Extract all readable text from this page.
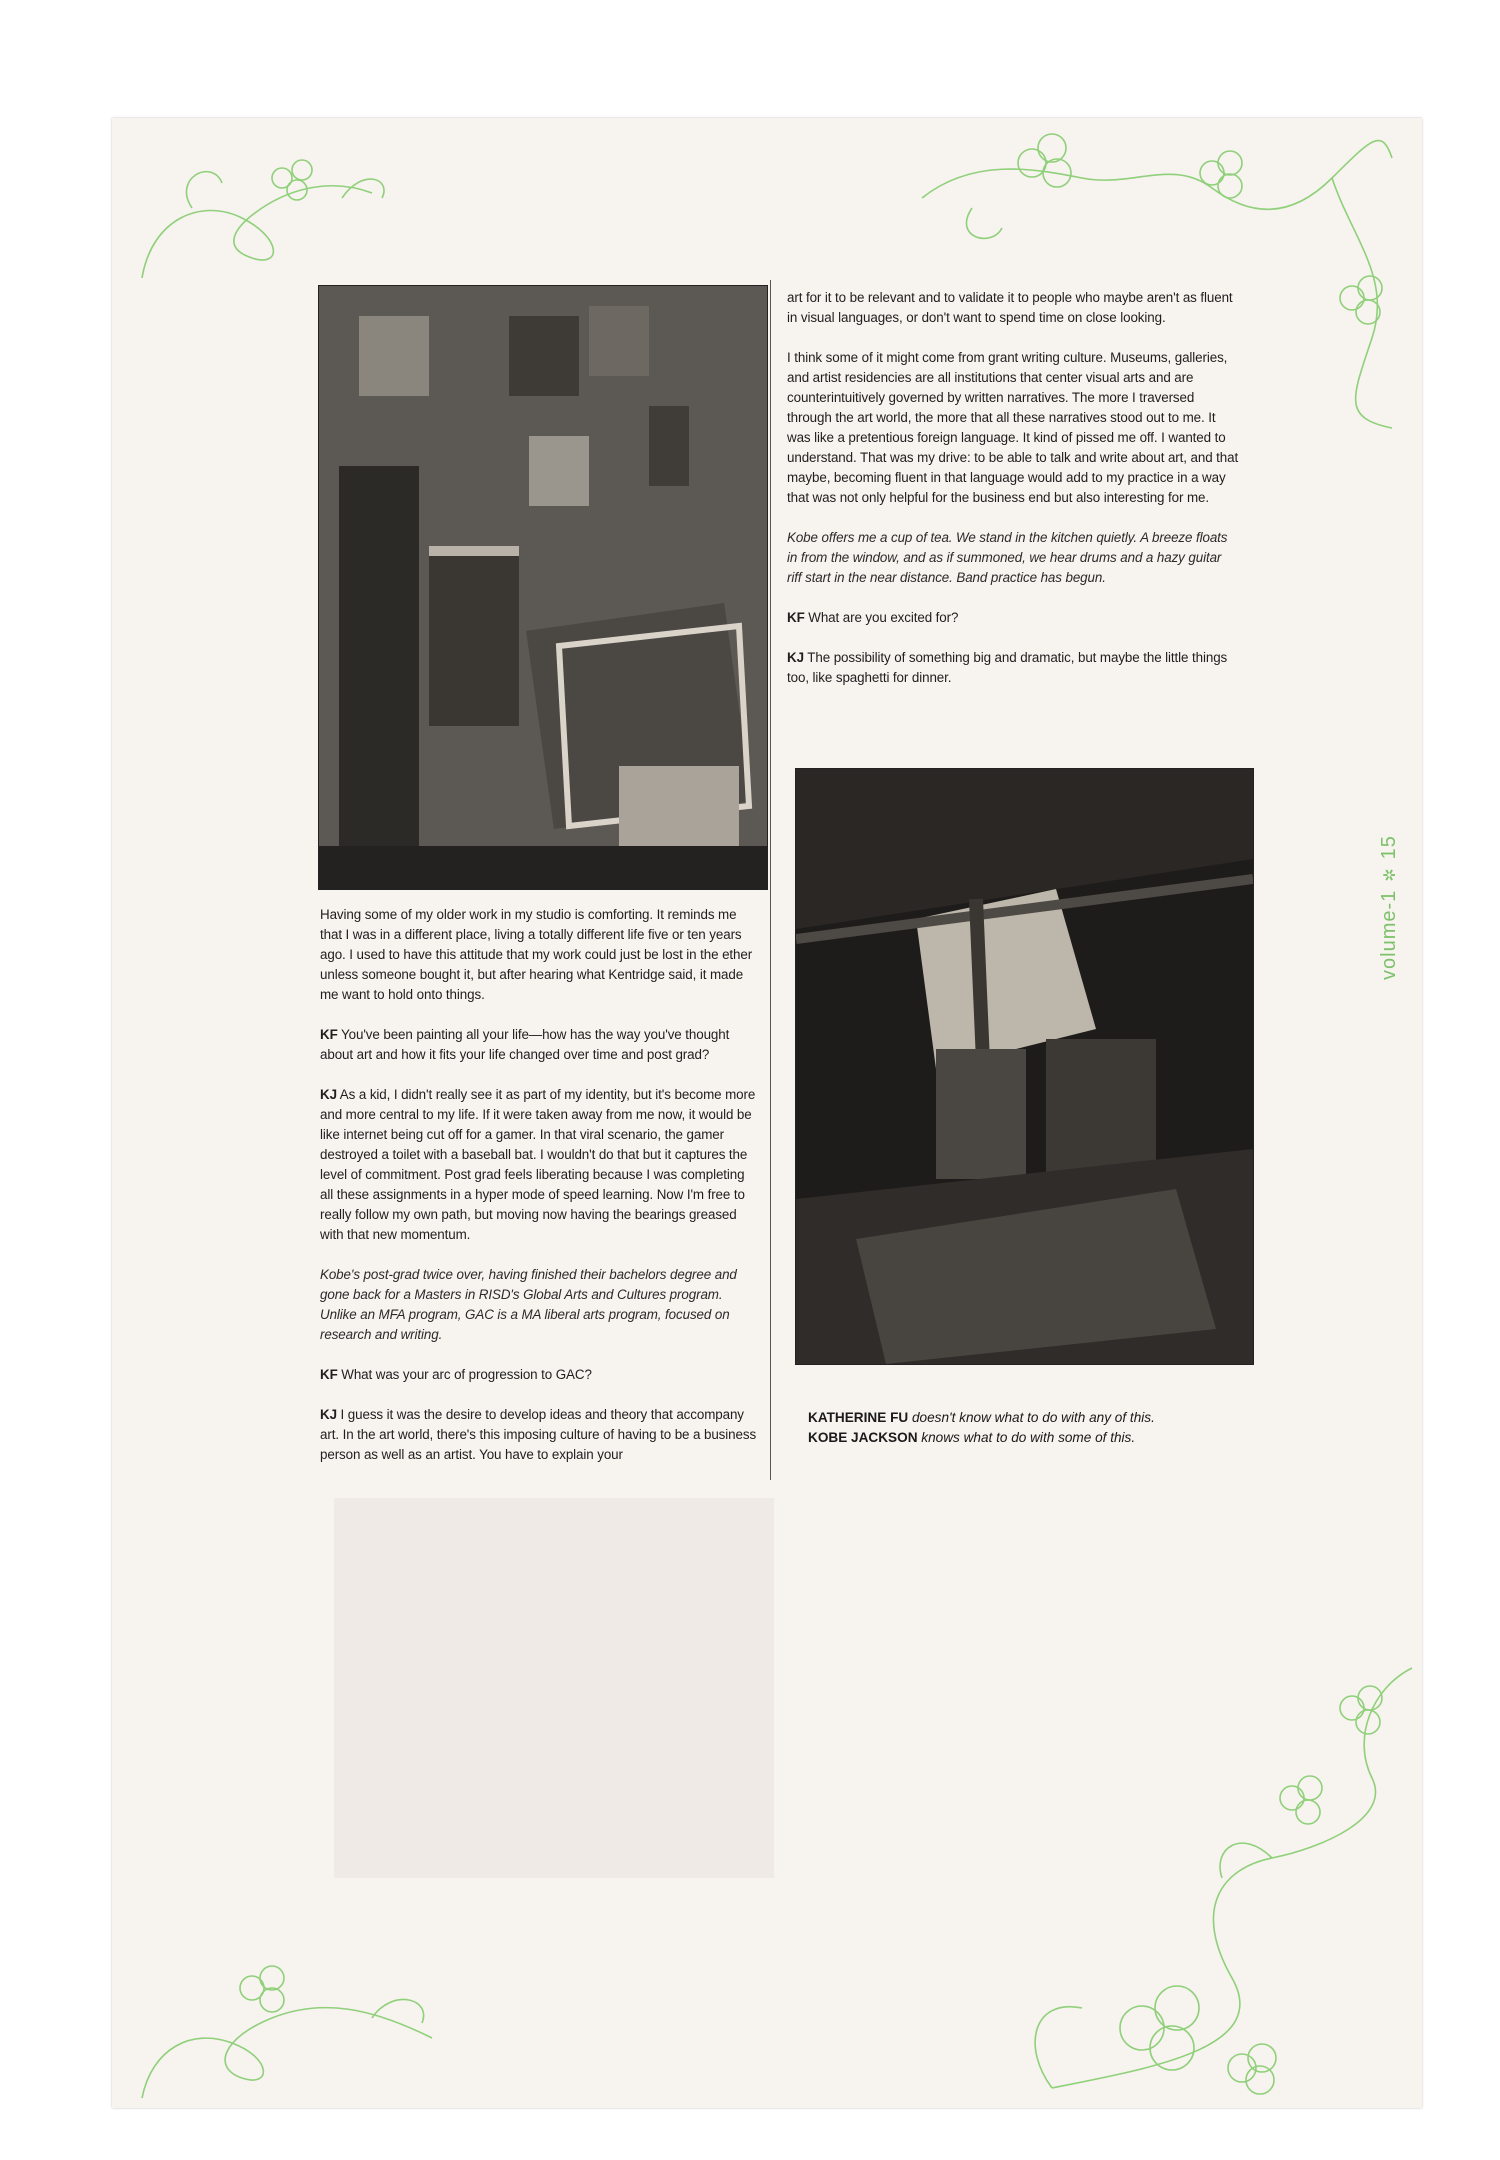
Having some of my older work in my studio is comforting. It reminds me that I was in a different place, living a totally different life five or ten years ago. I used to have this attitude that my work could just be lost in the ether unless someone bought it, but after hearing what Kentridge said, it made me want to hold onto things.

KF You've been painting all your life—how has the way you've thought about art and how it fits your life changed over time and post grad?

KJ As a kid, I didn't really see it as part of my identity, but it's become more and more central to my life. If it were taken away from me now, it would be like internet being cut off for a gamer. In that viral scenario, the gamer destroyed a toilet with a baseball bat. I wouldn't do that but it captures the level of commitment. Post grad feels liberating because I was completing all these assignments in a hyper mode of speed learning. Now I'm free to really follow my own path, but moving now having the bearings greased with that new momentum.

Kobe's post-grad twice over, having finished their bachelors degree and gone back for a Masters in RISD's Global Arts and Cultures program. Unlike an MFA program, GAC is a MA liberal arts program, focused on research and writing.

KF What was your arc of progression to GAC?

KJ I guess it was the desire to develop ideas and theory that accompany art. In the art world, there's this imposing culture of having to be a business person as well as an artist. You have to explain your

art for it to be relevant and to validate it to people who maybe aren't as fluent in visual languages, or don't want to spend time on close looking.

I think some of it might come from grant writing culture. Museums, galleries, and artist residencies are all institutions that center visual arts and are counterintuitively governed by written narratives. The more I traversed through the art world, the more that all these narratives stood out to me. It was like a pretentious foreign language. It kind of pissed me off. I wanted to understand. That was my drive: to be able to talk and write about art, and that maybe, becoming fluent in that language would add to my practice in a way that was not only helpful for the business end but also interesting for me.

Kobe offers me a cup of tea. We stand in the kitchen quietly. A breeze floats in from the window, and as if summoned, we hear drums and a hazy guitar riff start in the near distance. Band practice has begun.

KF What are you excited for?

KJ The possibility of something big and dramatic, but maybe the little things too, like spaghetti for dinner.

KATHERINE FU doesn't know what to do with any of this.
KOBE JACKSON knows what to do with some of this.
volume-1✲15
